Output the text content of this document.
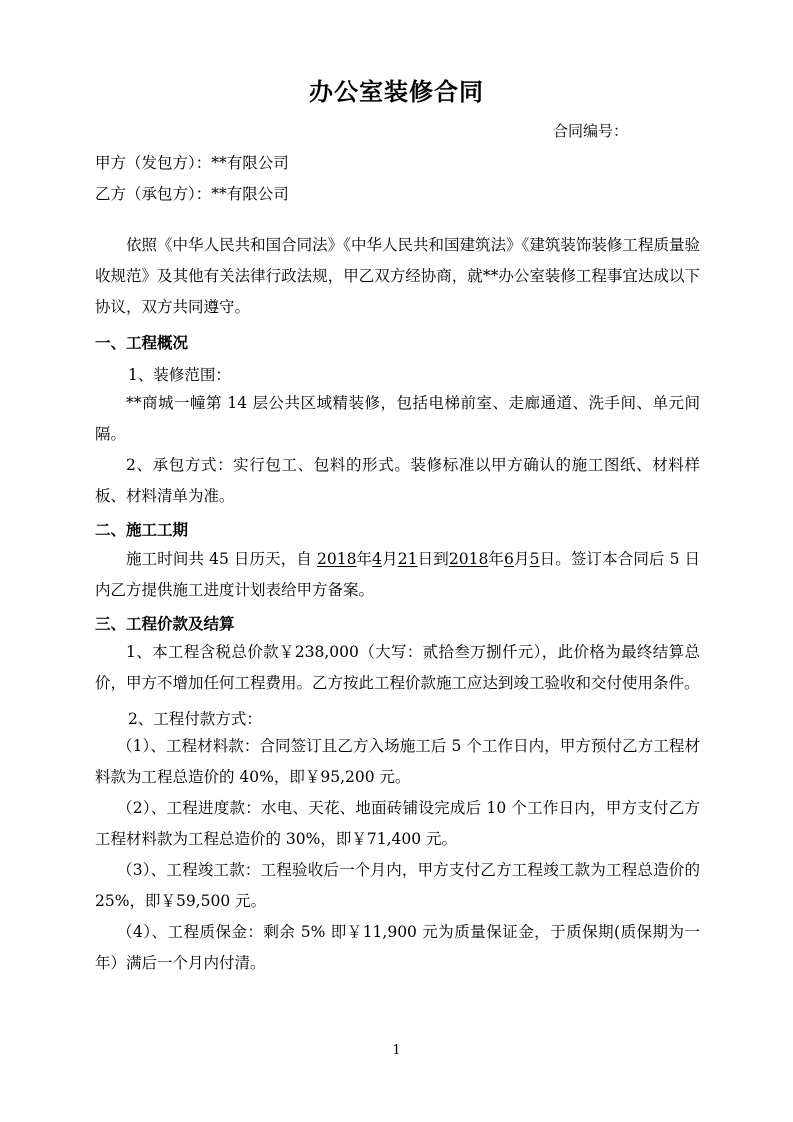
办公室装修合同
合同编号：
甲方（发包方）：**有限公司
乙方（承包方）：**有限公司
依照《中华人民共和国合同法》《中华人民共和国建筑法》《建筑装饰装修工程质量验收规范》及其他有关法律行政法规，甲乙双方经协商，就**办公室装修工程事宜达成以下协议，双方共同遵守。
一、工程概况
1、装修范围：
**商城一幢第 14 层公共区域精装修，包括电梯前室、走廊通道、洗手间、单元间隔。
2、承包方式：实行包工、包料的形式。装修标准以甲方确认的施工图纸、材料样板、材料清单为准。
二、施工工期
施工时间共 45 日历天，自 2018年4月21日到2018年6月5日。签订本合同后 5 日内乙方提供施工进度计划表给甲方备案。
三、工程价款及结算
1、本工程含税总价款￥238,000（大写：贰拾叁万捌仟元），此价格为最终结算总价，甲方不增加任何工程费用。乙方按此工程价款施工应达到竣工验收和交付使用条件。
2、工程付款方式：
（1）、工程材料款：合同签订且乙方入场施工后 5 个工作日内，甲方预付乙方工程材料款为工程总造价的 40%，即￥95,200 元。
（2）、工程进度款：水电、天花、地面砖铺设完成后 10 个工作日内，甲方支付乙方工程材料款为工程总造价的 30%，即￥71,400 元。
（3）、工程竣工款：工程验收后一个月内，甲方支付乙方工程竣工款为工程总造价的 25%，即￥59,500 元。
（4）、工程质保金：剩余 5% 即￥11,900 元为质量保证金，于质保期(质保期为一年）满后一个月内付清。
1
